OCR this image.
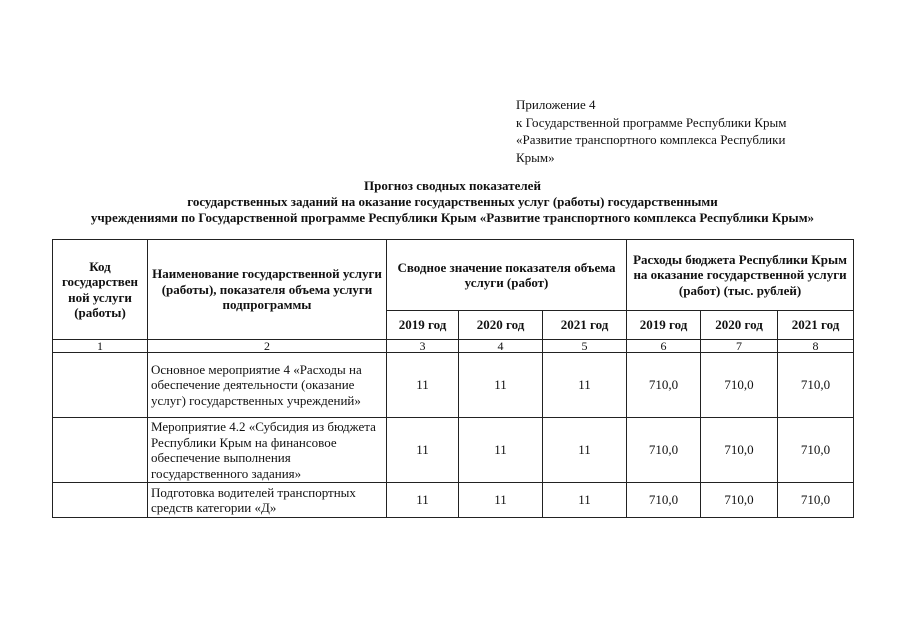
Приложение 4
к Государственной программе Республики Крым
«Развитие транспортного комплекса Республики
Крым»
Прогноз сводных показателей
государственных заданий на оказание государственных услуг (работы) государственными
учреждениями по Государственной программе Республики Крым «Развитие транспортного комплекса Республики Крым»
Код государствен ной услуги (работы)	Наименование государственной услуги (работы), показателя объема услуги подпрограммы	Сводное значение показателя объема услуги (работ)			Расходы бюджета Республики Крым на оказание государственной услуги (работ) (тыс. рублей)		
		2019 год	2020 год	2021 год	2019 год	2020 год	2021 год
1	2	3	4	5	6	7	8
	Основное мероприятие 4 «Расходы на обеспечение деятельности (оказание услуг) государственных учреждений»	11	11	11	710,0	710,0	710,0
	Мероприятие 4.2 «Субсидия из бюджета Республики Крым на финансовое обеспечение выполнения государственного задания»	11	11	11	710,0	710,0	710,0
	Подготовка водителей транспортных средств категории «Д»	11	11	11	710,0	710,0	710,0
